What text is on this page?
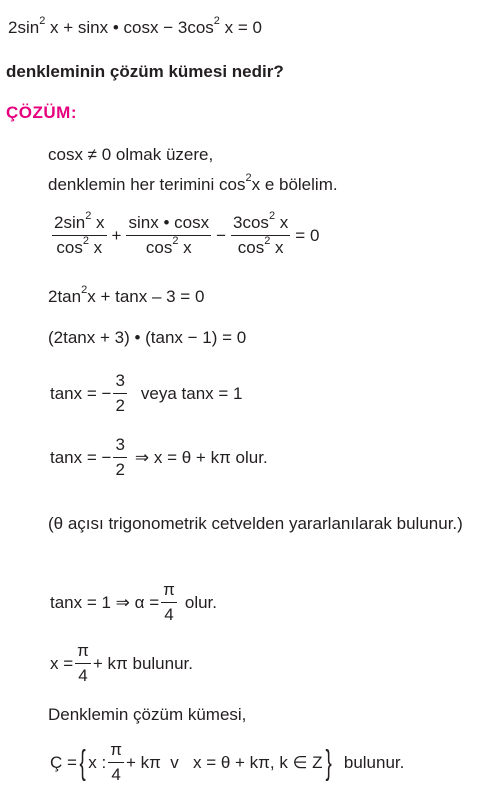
$2\sin^2$ x + sinx • $\cos x - 3\cos^2$ x = 0
denkleminin çözüm kümesi nedir?
ÇÖZÜM:
cosx ≠ 0 olmak üzere,
denklemin her terimini $\cos^2x$ e bölelim.
$\frac{2\sin^2 x}{\cos^2 x} + \frac{\sin x • \cos x}{\cos^2 x} - \frac{3\cos^2 x}{\cos^2 x} = 0$
$2\tan^2x + \tan x - 3 = 0$
(2tanx + 3) • (tanx − 1) = 0
tanx = − $\frac{3}{2}$ veya tanx = 1
tanx = − $\frac{3}{2}$ ⇒ x = θ + kπ olur.
(θ açısı trigonometrik cetvelden yararlanılarak bulunur.)
tanx = 1 ⇒ $\alpha = \frac{\pi}{4}$ olur.
$x = \frac{\pi}{4} + k\pi$ bulunur.
Denklemin çözüm kümesi,
Ç = { x : $\frac{\pi}{4} + k\pi$  v   x = θ + kπ, k ∈ Z } bulunur.
